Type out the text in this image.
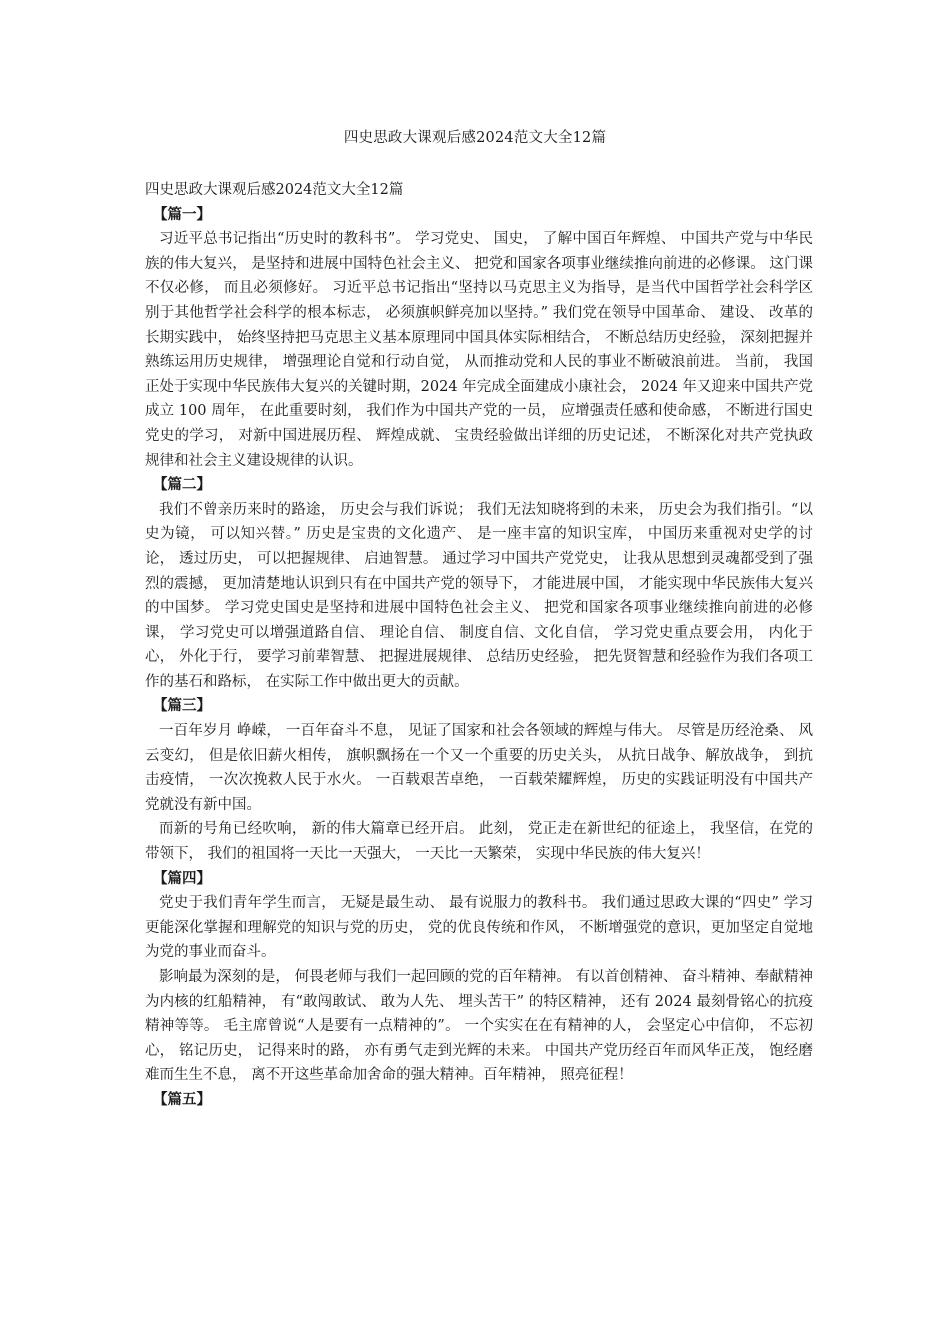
四史思政大课观后感2024范文大全12篇

四史思政大课观后感2024范文大全12篇

【篇一】

习近平总书记指出“历史时的教科书”。 学习党史、 国史， 了解中国百年辉煌、 中国共产党与中华民族的伟大复兴， 是坚持和进展中国特色社会主义、 把党和国家各项事业继续推向前进的必修课。 这门课不仅必修， 而且必须修好。 习近平总书记指出“坚持以马克思主义为指导，是当代中国哲学社会科学区别于其他哲学社会科学的根本标志， 必须旗帜鲜亮加以坚持。” 我们党在领导中国革命、 建设、 改革的长期实践中， 始终坚持把马克思主义基本原理同中国具体实际相结合， 不断总结历史经验， 深刻把握并熟练运用历史规律， 增强理论自觉和行动自觉， 从而推动党和人民的事业不断破浪前进。 当前， 我国正处于实现中华民族伟大复兴的关键时期，2024 年完成全面建成小康社会， 2024 年又迎来中国共产党成立 100 周年， 在此重要时刻， 我们作为中国共产党的一员， 应增强责任感和使命感， 不断进行国史党史的学习， 对新中国进展历程、 辉煌成就、 宝贵经验做出详细的历史记述， 不断深化对共产党执政规律和社会主义建设规律的认识。

【篇二】

我们不曾亲历来时的路途， 历史会与我们诉说； 我们无法知晓将到的未来， 历史会为我们指引。“以史为镜， 可以知兴替。” 历史是宝贵的文化遗产、 是一座丰富的知识宝库， 中国历来重视对史学的讨论， 透过历史， 可以把握规律、 启迪智慧。 通过学习中国共产党党史， 让我从思想到灵魂都受到了强烈的震撼， 更加清楚地认识到只有在中国共产党的领导下， 才能进展中国， 才能实现中华民族伟大复兴的中国梦。 学习党史国史是坚持和进展中国特色社会主义、 把党和国家各项事业继续推向前进的必修课， 学习党史可以增强道路自信、 理论自信、 制度自信、文化自信， 学习党史重点要会用， 内化于心， 外化于行， 要学习前辈智慧、 把握进展规律、 总结历史经验， 把先贤智慧和经验作为我们各项工作的基石和路标， 在实际工作中做出更大的贡献。

【篇三】

一百年岁月 峥嵘， 一百年奋斗不息， 见证了国家和社会各领域的辉煌与伟大。 尽管是历经沧桑、 风云变幻， 但是依旧薪火相传， 旗帜飘扬在一个又一个重要的历史关头， 从抗日战争、解放战争， 到抗击疫情， 一次次挽救人民于水火。 一百载艰苦卓绝， 一百载荣耀辉煌， 历史的实践证明没有中国共产党就没有新中国。

而新的号角已经吹响， 新的伟大篇章已经开启。 此刻， 党正走在新世纪的征途上， 我坚信，在党的带领下， 我们的祖国将一天比一天强大， 一天比一天繁荣， 实现中华民族的伟大复兴！

【篇四】

党史于我们青年学生而言， 无疑是最生动、 最有说服力的教科书。 我们通过思政大课的“四史” 学习更能深化掌握和理解党的知识与党的历史， 党的优良传统和作风， 不断增强党的意识，更加坚定自觉地为党的事业而奋斗。

影响最为深刻的是， 何畏老师与我们一起回顾的党的百年精神。 有以首创精神、 奋斗精神、奉献精神为内核的红船精神， 有“敢闯敢试、 敢为人先、 埋头苦干” 的特区精神， 还有 2024 最刻骨铭心的抗疫精神等等。 毛主席曾说“人是要有一点精神的”。 一个实实在在有精神的人， 会坚定心中信仰， 不忘初心， 铭记历史， 记得来时的路， 亦有勇气走到光辉的未来。 中国共产党历经百年而风华正茂， 饱经磨难而生生不息， 离不开这些革命加舍命的强大精神。百年精神， 照亮征程！

【篇五】
